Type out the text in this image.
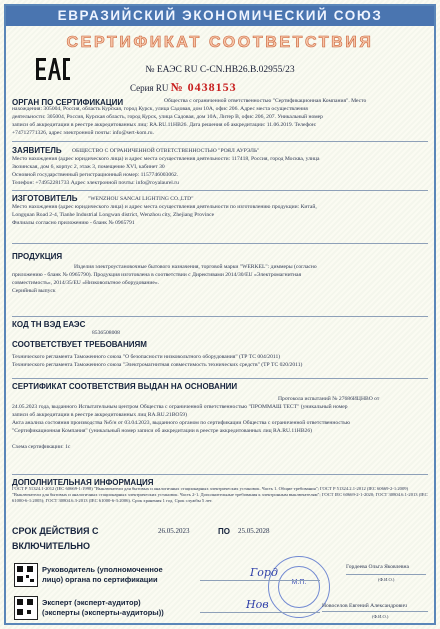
ЕВРАЗИЙСКИЙ ЭКОНОМИЧЕСКИЙ СОЮЗ
СЕРТИФИКАТ СООТВЕТСТВИЯ
№ ЕАЭС RU C-CN.НВ26.В.02955/23
Серия RU № 0438153
ОРГАН ПО СЕРТИФИКАЦИИ	Общества с ограниченной ответственностью "Сертификационная Компания". Место
нахождения: 305004, Россия, область Курская, город Курск, улица Садовая, дом 10А, офис 206. Адрес места осуществления
деятельности: 305004, Россия, Курская область, город Курск, улица Садовая, дом 10А, Литер В, офис 206, 207. Уникальный номер
записи об аккредитации в реестре аккредитованных лиц: RA.RU.11НВ26. Дата решения об аккредитации: 11.06.2019. Телефон:
+74712771326, адрес электронной почты: info@sert-kom.ru.
ЗАЯВИТЕЛЬ ОБЩЕСТВО С ОГРАНИЧЕННОЙ ОТВЕТСТВЕННОСТЬЮ "РОЯЛ АУРЭЛЬ"
Место нахождения (адрес юридического лица) и адрес места осуществления деятельности: 117418, Россия, город Москва, улица
Зюзинская, дом 6, корпус 2, этаж 3, помещение XVI, кабинет 30
Основной государственный регистрационный номер: 1157746003062.
Телефон: +74952281733 Адрес электронной почты: info@royalaurel.ru
ИЗГОТОВИТЕЛЬ "WENZHOU SANCAI LIGHTING CO.,LTD"
Место нахождения (адрес юридического лица) и адрес места осуществления деятельности по изготовлению продукции: Китай,
Longquan Road 2-4, Tianhe Industrial Longwan district, Wenzhou city, Zhejiang Province
Филиалы согласно приложению - бланк № 0965791
ПРОДУКЦИЯ
Изделия электроустановочные бытового назначения, торговой марки "WERKEL": диммеры (согласно
приложению - бланк № 0965790). Продукция изготовлена в соответствии с Директивами 2014/30/EU «Электромагнитная
совместимость», 2014/35/EU «Низковольтное оборудование».
Серийный выпуск
КОД ТН ВЭД ЕАЭС
8536508008
СООТВЕТСТВУЕТ ТРЕБОВАНИЯМ
Технического регламента Таможенного союза "О безопасности низковольтного оборудования" (ТР ТС 004/2011)
Технического регламента Таможенного союза "Электромагнитная совместимость технических средств" (ТР ТС 020/2011)
СЕРТИФИКАТ СООТВЕТСТВИЯ ВЫДАН НА ОСНОВАНИИ
Протокола испытаний № 27686ИЦНВО от
24.05.2023 года, выданного Испытательным центром Общества с ограниченной ответственностью "ПРОММАШ ТЕСТ" (уникальный номер
записи об аккредитации в реестре аккредитованных лиц RA.RU.21ВО59)
Акта анализа состояния производства №б/н от 03.04.2023, выданного органом по сертификации Общества с ограниченной ответственностью
"Сертификационная Компания" (уникальный номер записи об аккредитации в реестре аккредитованных лиц RA.RU.11НВ26)
Схема сертификации: 1с
ДОПОЛНИТЕЛЬНАЯ ИНФОРМАЦИЯ
ГОСТ Р 51324.1-2012 (IEC 60669-1:1998) "Выключатели для бытовых и аналогичных стационарных электрических установок. Часть 1. Общие требования"; ГОСТ Р 51324.2.1-2012 (IEC 60669-2-1:2009) "Выключатели для бытовых и аналогичных стационарных электрических установок. Часть 2-1. Дополнительные требования к электронным выключателям"; ГОСТ IEC 60669-2-1-2020; ГОСТ 30804.6.1-2013 (IEC 61000-6-1:2005); ГОСТ 30804.6.3-2013 (IEC 61000-6-3:2006). Срок хранения 1 год. Срок службы 5 лет.
СРОК ДЕЙСТВИЯ С	26.05.2023	ПО 25.05.2028
ВКЛЮЧИТЕЛЬНО
М.П.
Руководитель (уполномоченное
лицо) органа по сертификации
Горд	Гордеева Ольга Яковлевна
(Ф.И.О.)
Эксперт (эксперт-аудитор)
(эксперты (эксперты-аудиторы))
Нов	Новоселов Евгений Александрович
(Ф.И.О.)
